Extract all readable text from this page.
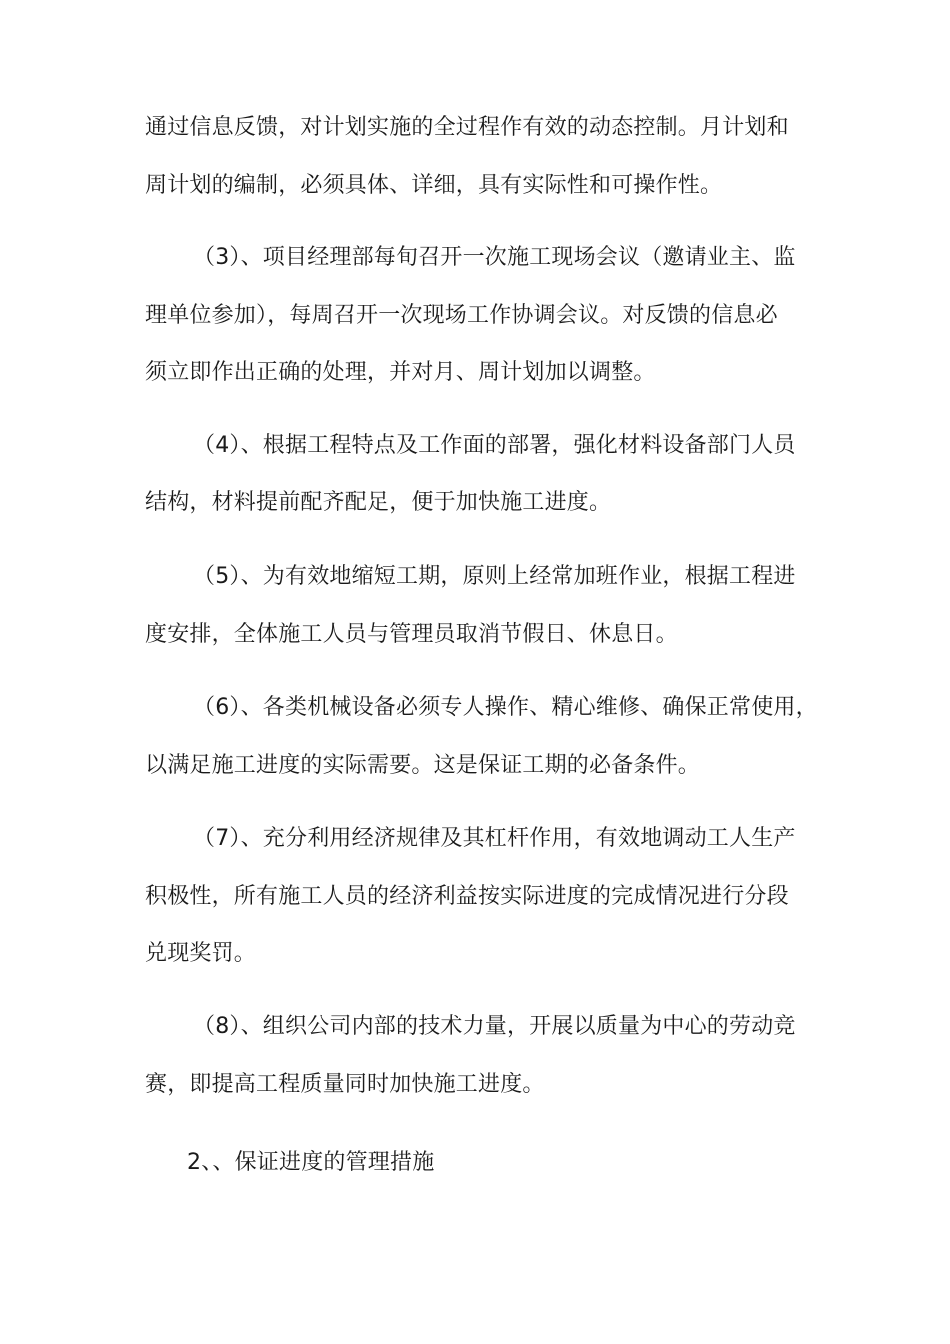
通过信息反馈，对计划实施的全过程作有效的动态控制。月计划和
周计划的编制，必须具体、详细，具有实际性和可操作性。
（3）、项目经理部每旬召开一次施工现场会议（邀请业主、监
理单位参加），每周召开一次现场工作协调会议。对反馈的信息必
须立即作出正确的处理，并对月、周计划加以调整。
（4）、根据工程特点及工作面的部署，强化材料设备部门人员
结构，材料提前配齐配足，便于加快施工进度。
（5）、为有效地缩短工期，原则上经常加班作业，根据工程进
度安排，全体施工人员与管理员取消节假日、休息日。
（6）、各类机械设备必须专人操作、精心维修、确保正常使用，
以满足施工进度的实际需要。这是保证工期的必备条件。
（7）、充分利用经济规律及其杠杆作用，有效地调动工人生产
积极性，所有施工人员的经济利益按实际进度的完成情况进行分段
兑现奖罚。
（8）、组织公司内部的技术力量，开展以质量为中心的劳动竞
赛，即提高工程质量同时加快施工进度。
2、、保证进度的管理措施
